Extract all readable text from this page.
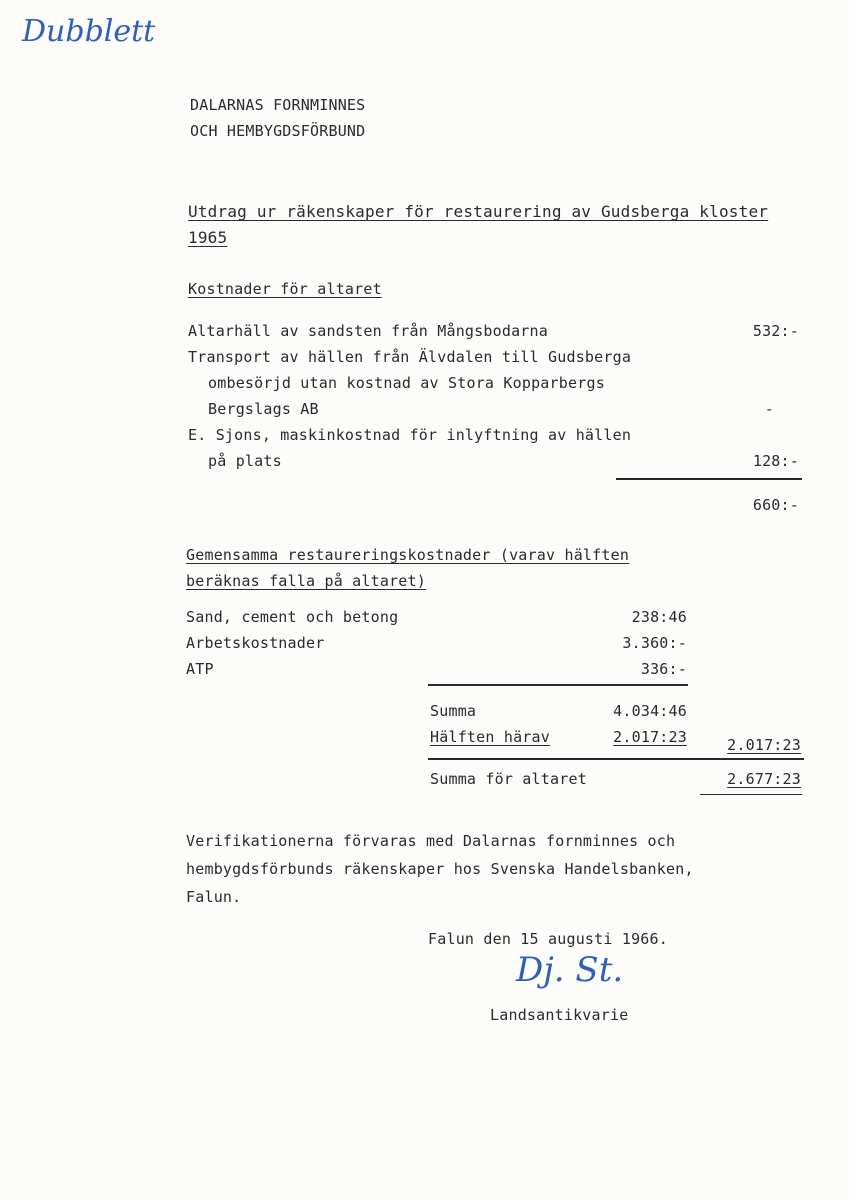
Dubblett
DALARNAS FORNMINNES
OCH HEMBYGDSFÖRBUND
Utdrag ur räkenskaper för restaurering av Gudsberga kloster
1965
Kostnader för altaret
Altarhäll av sandsten från Mångsbodarna	532:-
Transport av hällen från Älvdalen till Gudsberga
ombesörjd utan kostnad av Stora Kopparbergs
Bergslags AB	-
E. Sjons, maskinkostnad för inlyftning av hällen
på plats	128:-
660:-
Gemensamma restaureringskostnader (varav hälften
beräknas falla på altaret)
Sand, cement och betong	238:46
Arbetskostnader	3.360:-
ATP	336:-
Summa	4.034:46
Hälften härav	2.017:23	2.017:23
Summa för altaret	2.677:23
Verifikationerna förvaras med Dalarnas fornminnes och
hembygdsförbunds räkenskaper hos Svenska Handelsbanken,
Falun.
Falun den 15 augusti 1966.
Dj. St.
Landsantikvarie
